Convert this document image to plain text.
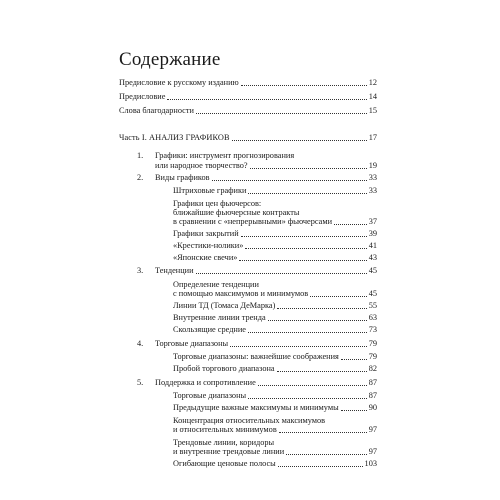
Содержание
Предисловие к русскому изданию	12
Предисловие	14
Слова благодарности	15
Часть I. АНАЛИЗ ГРАФИКОВ	17
1. Графики: инструмент прогнозирования
или народное творчество?	19
2.	Виды графиков	33
Штриховые графики	33
Графики цен фьючерсов:
ближайшие фьючерсные контракты
в сравнении с «непрерывными» фьючерсами	37
Графики закрытий	39
«Крестики-нолики»	41
«Японские свечи»	43
3.	Тенденции	45
Определение тенденции
с помощью максимумов и минимумов	45
Линии ТД (Томаса ДеМарка)	55
Внутренние линии тренда	63
Скользящие средние	73
4.	Торговые диапазоны	79
Торговые диапазоны: важнейшие соображения	79
Пробой торгового диапазона	82
5.	Поддержка и сопротивление	87
Торговые диапазоны	87
Предыдущие важные максимумы и минимумы	90
Концентрация относительных максимумов
и относительных минимумов	97
Трендовые линии, коридоры
и внутренние трендовые линии	97
Огибающие ценовые полосы	103
